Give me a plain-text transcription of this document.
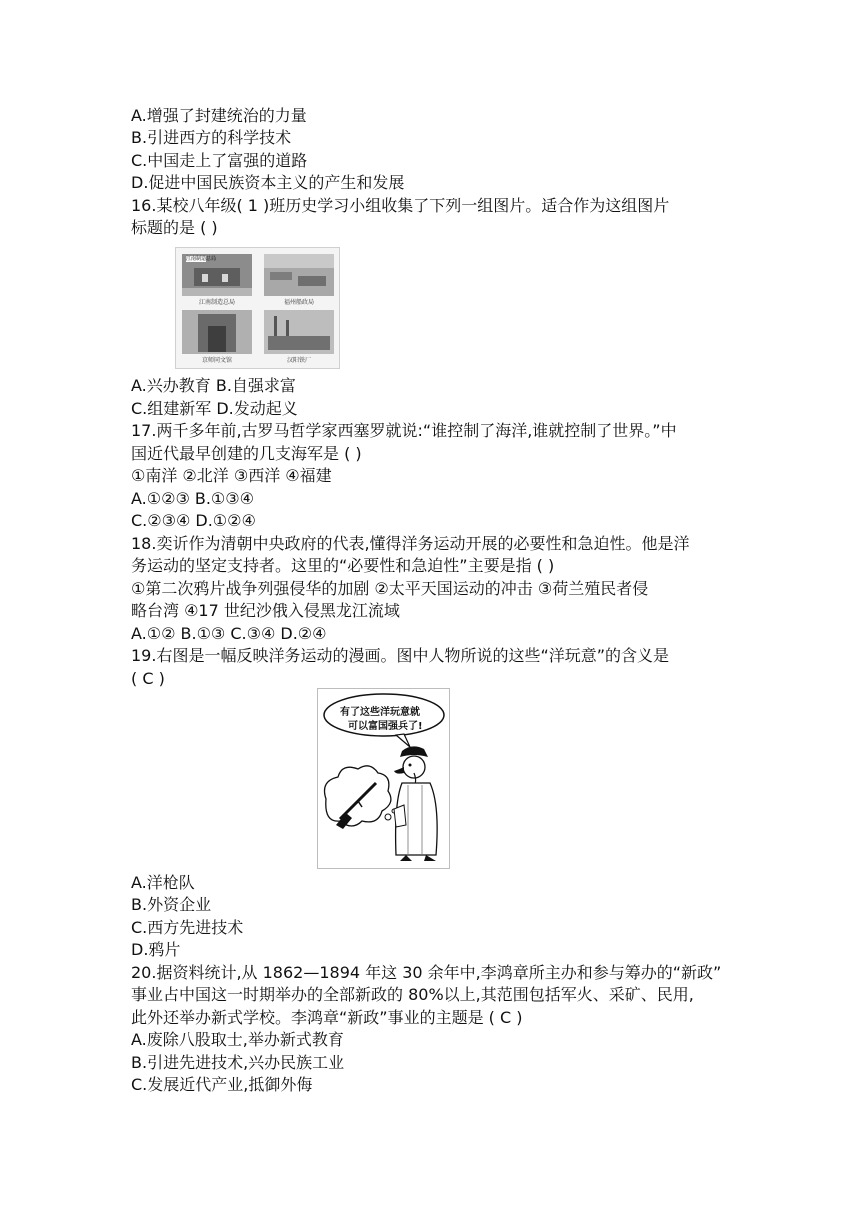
A.增强了封建统治的力量
B.引进西方的科学技术
C.中国走上了富强的道路
D.促进中国民族资本主义的产生和发展
16.某校八年级( 1 )班历史学习小组收集了下列一组图片。适合作为这组图片
标题的是 ( )
江南制造总局
江南制造总局	福州船政局
京师同文馆	汉阳铁厂
A.兴办教育 B.自强求富
C.组建新军 D.发动起义
17.两千多年前,古罗马哲学家西塞罗就说:“谁控制了海洋,谁就控制了世界。”中
国近代最早创建的几支海军是 ( )
①南洋 ②北洋 ③西洋 ④福建
A.①②③ B.①③④
C.②③④ D.①②④
18.奕䜣作为清朝中央政府的代表,懂得洋务运动开展的必要性和急迫性。他是洋
务运动的坚定支持者。这里的“必要性和急迫性”主要是指 ( )
①第二次鸦片战争列强侵华的加剧 ②太平天国运动的冲击 ③荷兰殖民者侵
略台湾 ④17 世纪沙俄入侵黑龙江流域
A.①② B.①③ C.③④ D.②④
19.右图是一幅反映洋务运动的漫画。图中人物所说的这些“洋玩意”的含义是
( C )
有了这些洋玩意就
可以富国强兵了!
A.洋枪队
B.外资企业
C.西方先进技术
D.鸦片
20.据资料统计,从 1862—1894 年这 30 余年中,李鸿章所主办和参与筹办的“新政”
事业占中国这一时期举办的全部新政的 80%以上,其范围包括军火、采矿、民用,
此外还举办新式学校。李鸿章“新政”事业的主题是 ( C )
A.废除八股取士,举办新式教育
B.引进先进技术,兴办民族工业
C.发展近代产业,抵御外侮
